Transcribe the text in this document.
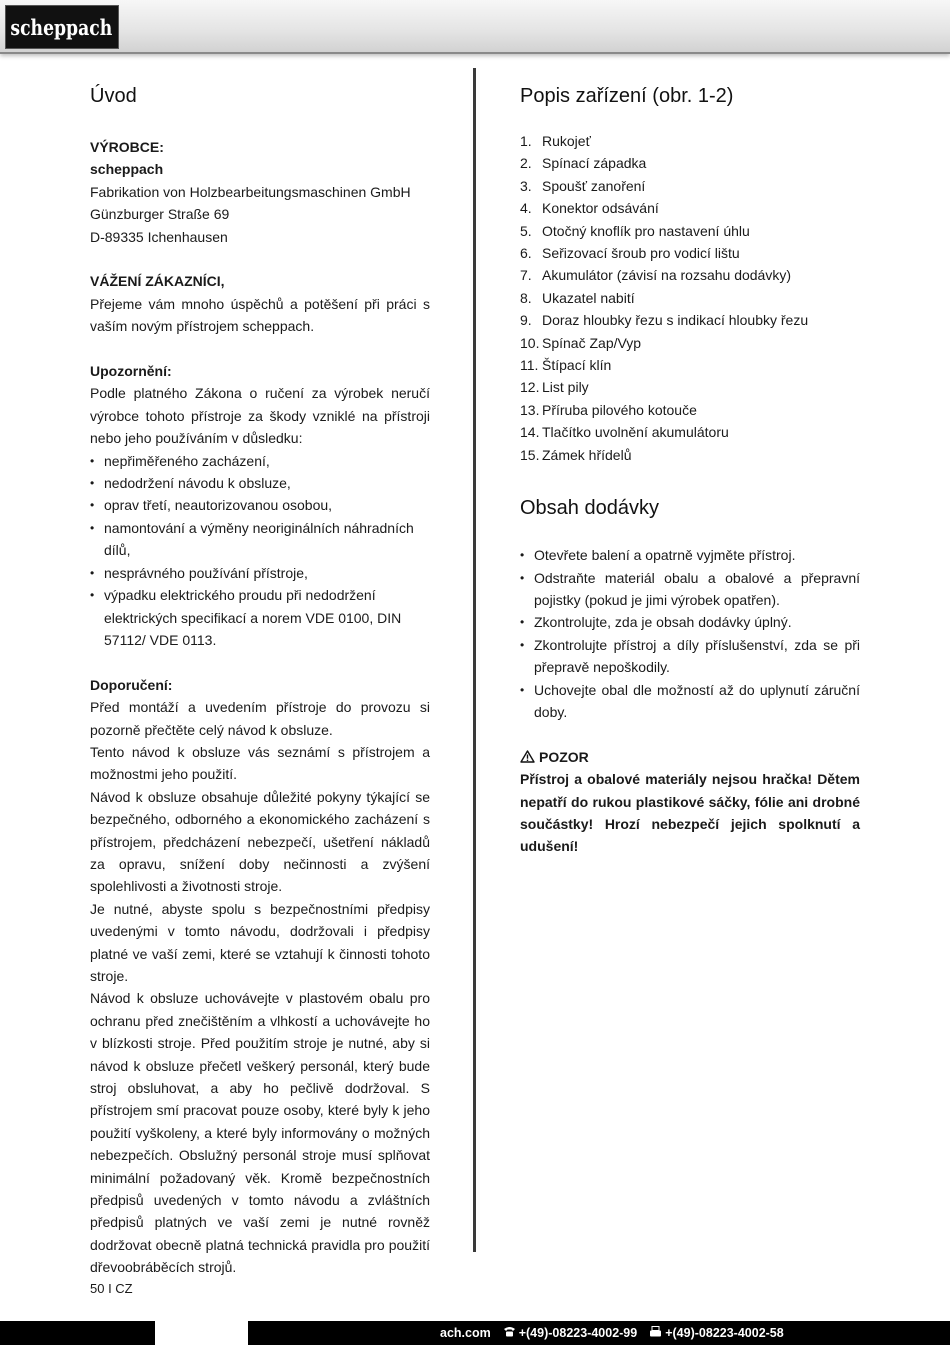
scheppach
Úvod

VÝROBCE:

scheppach

Fabrikation von Holzbearbeitungsmaschinen GmbH

Günzburger Straße 69

D-89335 Ichenhausen

VÁŽENÍ ZÁKAZNÍCI,

Přejeme vám mnoho úspěchů a potěšení při práci s vaším novým přístrojem scheppach.

Upozornění:

Podle platného Zákona o ručení za výrobek neručí výrobce tohoto přístroje za škody vzniklé na přístroji nebo jeho používáním v důsledku:

• nepřiměřeného zacházení,
• nedodržení návodu k obsluze,
• oprav třetí, neautorizovanou osobou,
• namontování a výměny neoriginálních náhradních dílů,
• nesprávného používání přístroje,
• výpadku elektrického proudu při nedodržení elektrických specifikací a norem VDE 0100, DIN 57112/ VDE 0113.

Doporučení:

Před montáží a uvedením přístroje do provozu si pozorně přečtěte celý návod k obsluze.

Tento návod k obsluze vás seznámí s přístrojem a možnostmi jeho použití.

Návod k obsluze obsahuje důležité pokyny týkající se bezpečného, odborného a ekonomického zacházení s přístrojem, předcházení nebezpečí, ušetření nákladů za opravu, snížení doby nečinnosti a zvýšení spolehlivosti a životnosti stroje.

Je nutné, abyste spolu s bezpečnostními předpisy uvedenými v tomto návodu, dodržovali i předpisy platné ve vaší zemi, které se vztahují k činnosti tohoto stroje.

Návod k obsluze uchovávejte v plastovém obalu pro ochranu před znečištěním a vlhkostí a uchovávejte ho v blízkosti stroje. Před použitím stroje je nutné, aby si návod k obsluze přečetl veškerý personál, který bude stroj obsluhovat, a aby ho pečlivě dodržoval. S přístrojem smí pracovat pouze osoby, které byly k jeho použití vyškoleny, a které byly informovány o možných nebezpečích. Obslužný personál stroje musí splňovat minimální požadovaný věk. Kromě bezpečnostních předpisů uvedených v tomto návodu a zvláštních předpisů platných ve vaší zemi je nutné rovněž dodržovat obecně platná technická pravidla pro použití dřevoobráběcích strojů.

Popis zařízení (obr. 1-2)
1. Rukojeť
2. Spínací západka
3. Spoušť zanoření
4. Konektor odsávání
5. Otočný knoflík pro nastavení úhlu
6. Seřizovací šroub pro vodicí lištu
7. Akumulátor (závisí na rozsahu dodávky)
8. Ukazatel nabití
9. Doraz hloubky řezu s indikací hloubky řezu
10. Spínač Zap/Vyp
11. Štípací klín
12. List pily
13. Příruba pilového kotouče
14. Tlačítko uvolnění akumulátoru
15. Zámek hřídelů
Obsah dodávky
• Otevřete balení a opatrně vyjměte přístroj.
• Odstraňte materiál obalu a obalové a přepravní pojistky (pokud je jimi výrobek opatřen).
• Zkontrolujte, zda je obsah dodávky úplný.
• Zkontrolujte přístroj a díly příslušenství, zda se při přepravě nepoškodily.
• Uchovejte obal dle možností až do uplynutí záruční doby.

POZOR

Přístroj a obalové materiály nejsou hračka! Dětem nepatří do rukou plastikové sáčky, fólie ani drobné součástky! Hrozí nebezpečí jejich spolknutí a udušení!

50 I CZ
ach.com +(49)-08223-4002-99 +(49)-08223-4002-58
